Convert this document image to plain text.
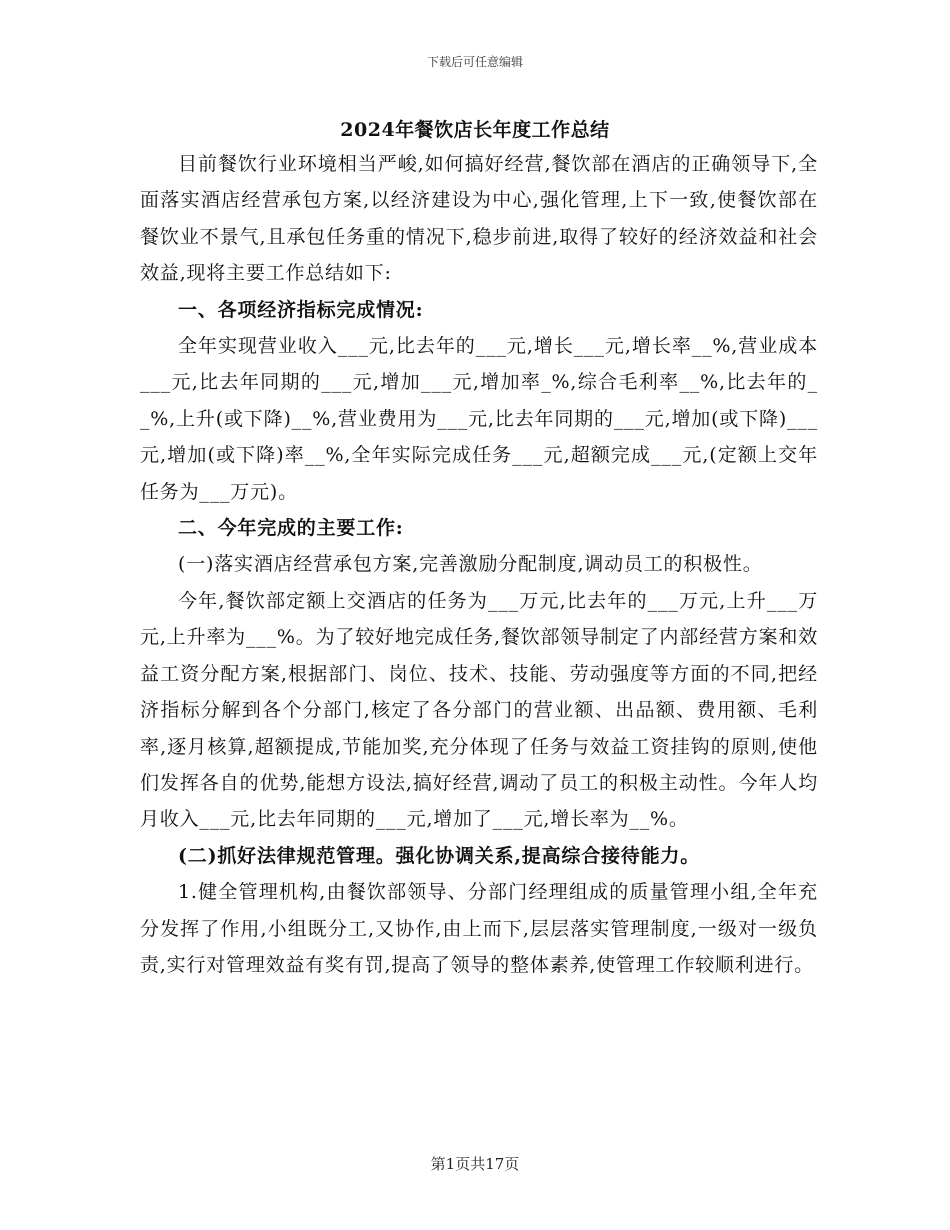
下载后可任意编辑
2024年餐饮店长年度工作总结

目前餐饮行业环境相当严峻,如何搞好经营,餐饮部在酒店的正确领导下,全面落实酒店经营承包方案,以经济建设为中心,强化管理,上下一致,使餐饮部在餐饮业不景气,且承包任务重的情况下,稳步前进,取得了较好的经济效益和社会效益,现将主要工作总结如下:

一、各项经济指标完成情况:

全年实现营业收入___元,比去年的___元,增长___元,增长率__%,营业成本___元,比去年同期的___元,增加___元,增加率_%,综合毛利率__%,比去年的__%,上升(或下降)__%,营业费用为___元,比去年同期的___元,增加(或下降)___元,增加(或下降)率__%,全年实际完成任务___元,超额完成___元,(定额上交年任务为___万元)。

二、今年完成的主要工作:

(一)落实酒店经营承包方案,完善激励分配制度,调动员工的积极性。

今年,餐饮部定额上交酒店的任务为___万元,比去年的___万元,上升___万元,上升率为___%。为了较好地完成任务,餐饮部领导制定了内部经营方案和效益工资分配方案,根据部门、岗位、技术、技能、劳动强度等方面的不同,把经济指标分解到各个分部门,核定了各分部门的营业额、出品额、费用额、毛利率,逐月核算,超额提成,节能加奖,充分体现了任务与效益工资挂钩的原则,使他们发挥各自的优势,能想方设法,搞好经营,调动了员工的积极主动性。今年人均月收入___元,比去年同期的___元,增加了___元,增长率为__%。

(二)抓好法律规范管理。强化协调关系,提高综合接待能力。

1.健全管理机构,由餐饮部领导、分部门经理组成的质量管理小组,全年充分发挥了作用,小组既分工,又协作,由上而下,层层落实管理制度,一级对一级负责,实行对管理效益有奖有罚,提高了领导的整体素养,使管理工作较顺利进行。

第1页共17页
